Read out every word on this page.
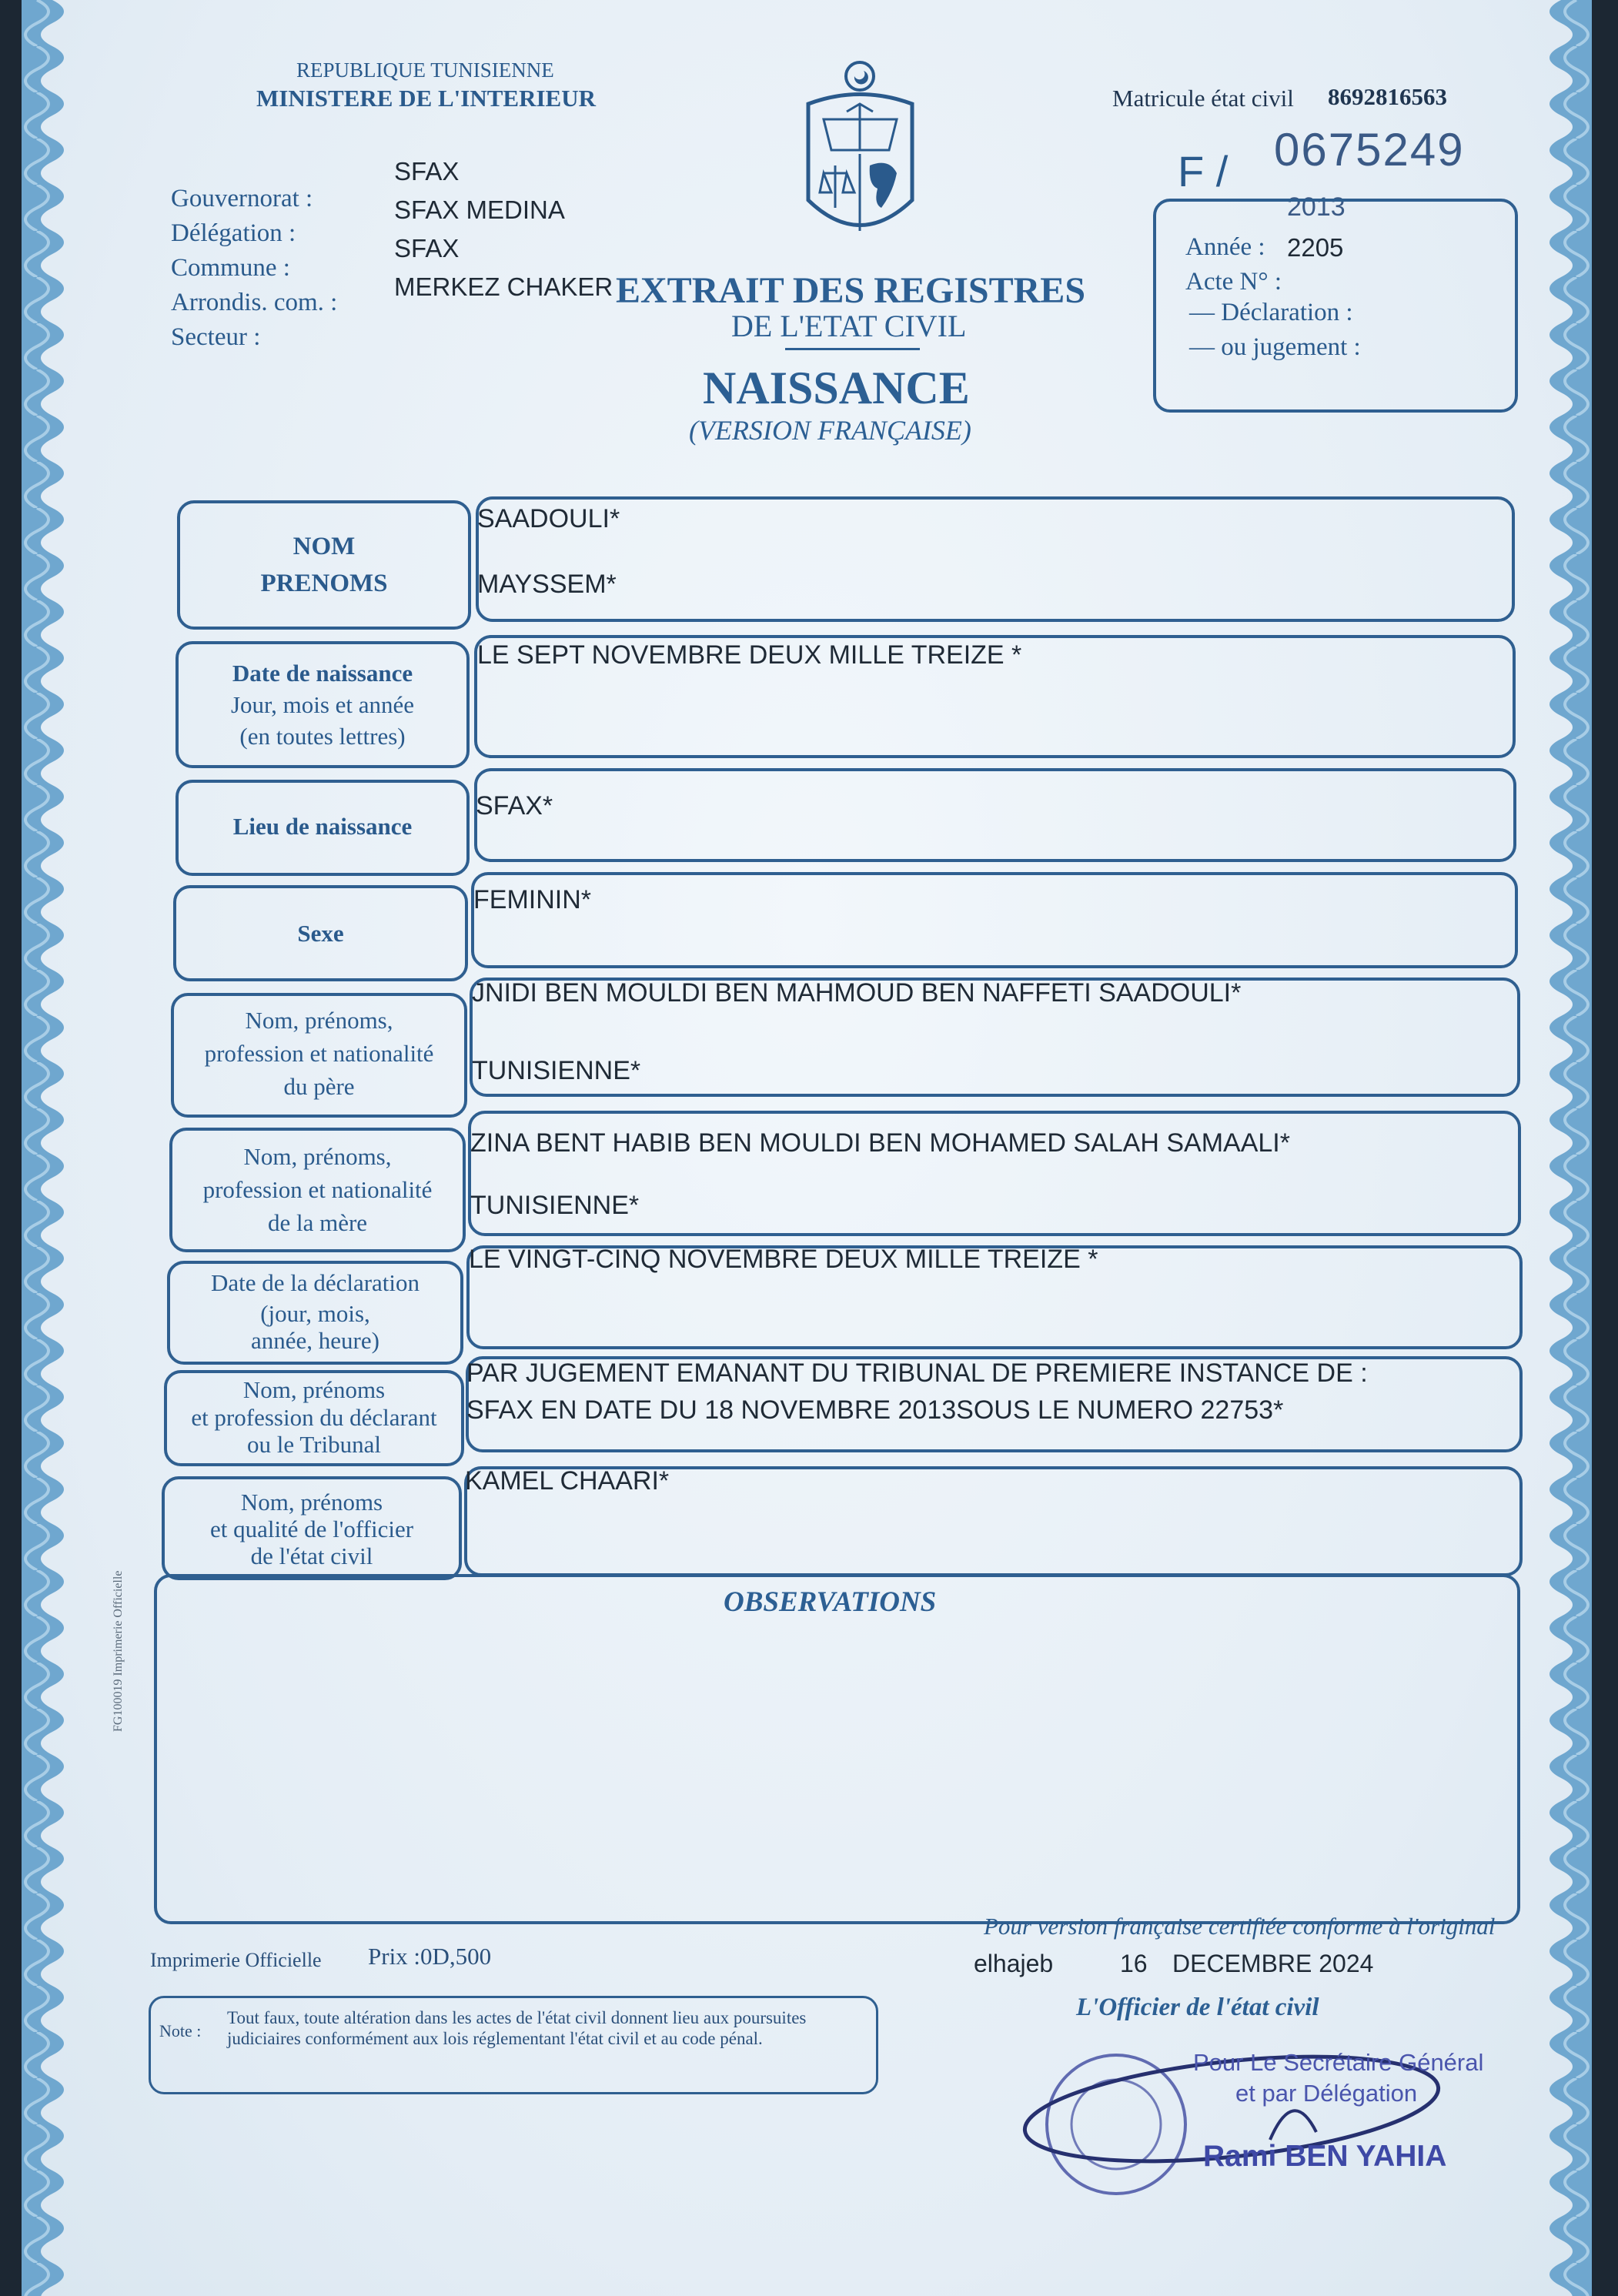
REPUBLIQUE TUNISIENNE
MINISTERE DE L'INTERIEUR	Matricule état civil 8692816563
F / 0675249
Gouvernorat :
Délégation :
Commune :
Arrondis. com. :
Secteur :
SFAX
SFAX MEDINA
SFAX
MERKEZ CHAKER EXTRAIT DES REGISTRES
DE L'ETAT CIVIL
NAISSANCE
(VERSION FRANÇAISE)
2013
Année : 2205
Acte N° :
— Déclaration :
— ou jugement :
NOM
PRENOMS
SAADOULI*
MAYSSEM*
Date de naissance
Jour, mois et année
(en toutes lettres)
LE SEPT NOVEMBRE DEUX MILLE TREIZE *
Lieu de naissance
SFAX*
Sexe
FEMININ*
Nom, prénoms,
profession et nationalité
du père
JNIDI BEN MOULDI BEN MAHMOUD BEN NAFFETI SAADOULI*
TUNISIENNE*
Nom, prénoms,
profession et nationalité
de la mère
ZINA BENT HABIB BEN MOULDI BEN MOHAMED SALAH SAMAALI*
TUNISIENNE*
Date de la déclaration
(jour, mois,
année, heure)
LE VINGT-CINQ NOVEMBRE DEUX MILLE TREIZE *
Nom, prénoms
et profession du déclarant
ou le Tribunal
PAR JUGEMENT EMANANT DU TRIBUNAL DE PREMIERE INSTANCE DE :
SFAX EN DATE DU 18 NOVEMBRE 2013SOUS LE NUMERO 22753*
Nom, prénoms
et qualité de l'officier
de l'état civil
KAMEL CHAARI*
OBSERVATIONS
FG100019 Imprimerie Officielle
Imprimerie Officielle Prix :0D,500
Pour version française certifiée conforme à l'original
elhajeb	16 DECEMBRE 2024
L'Officier de l'état civil
Note :
Tout faux, toute altération dans les actes de l'état civil donnent lieu aux poursuites judiciaires conformément aux lois réglementant l'état civil et au code pénal.
Pour Le Secrétaire Général
et par Délégation
Rami BEN YAHIA
